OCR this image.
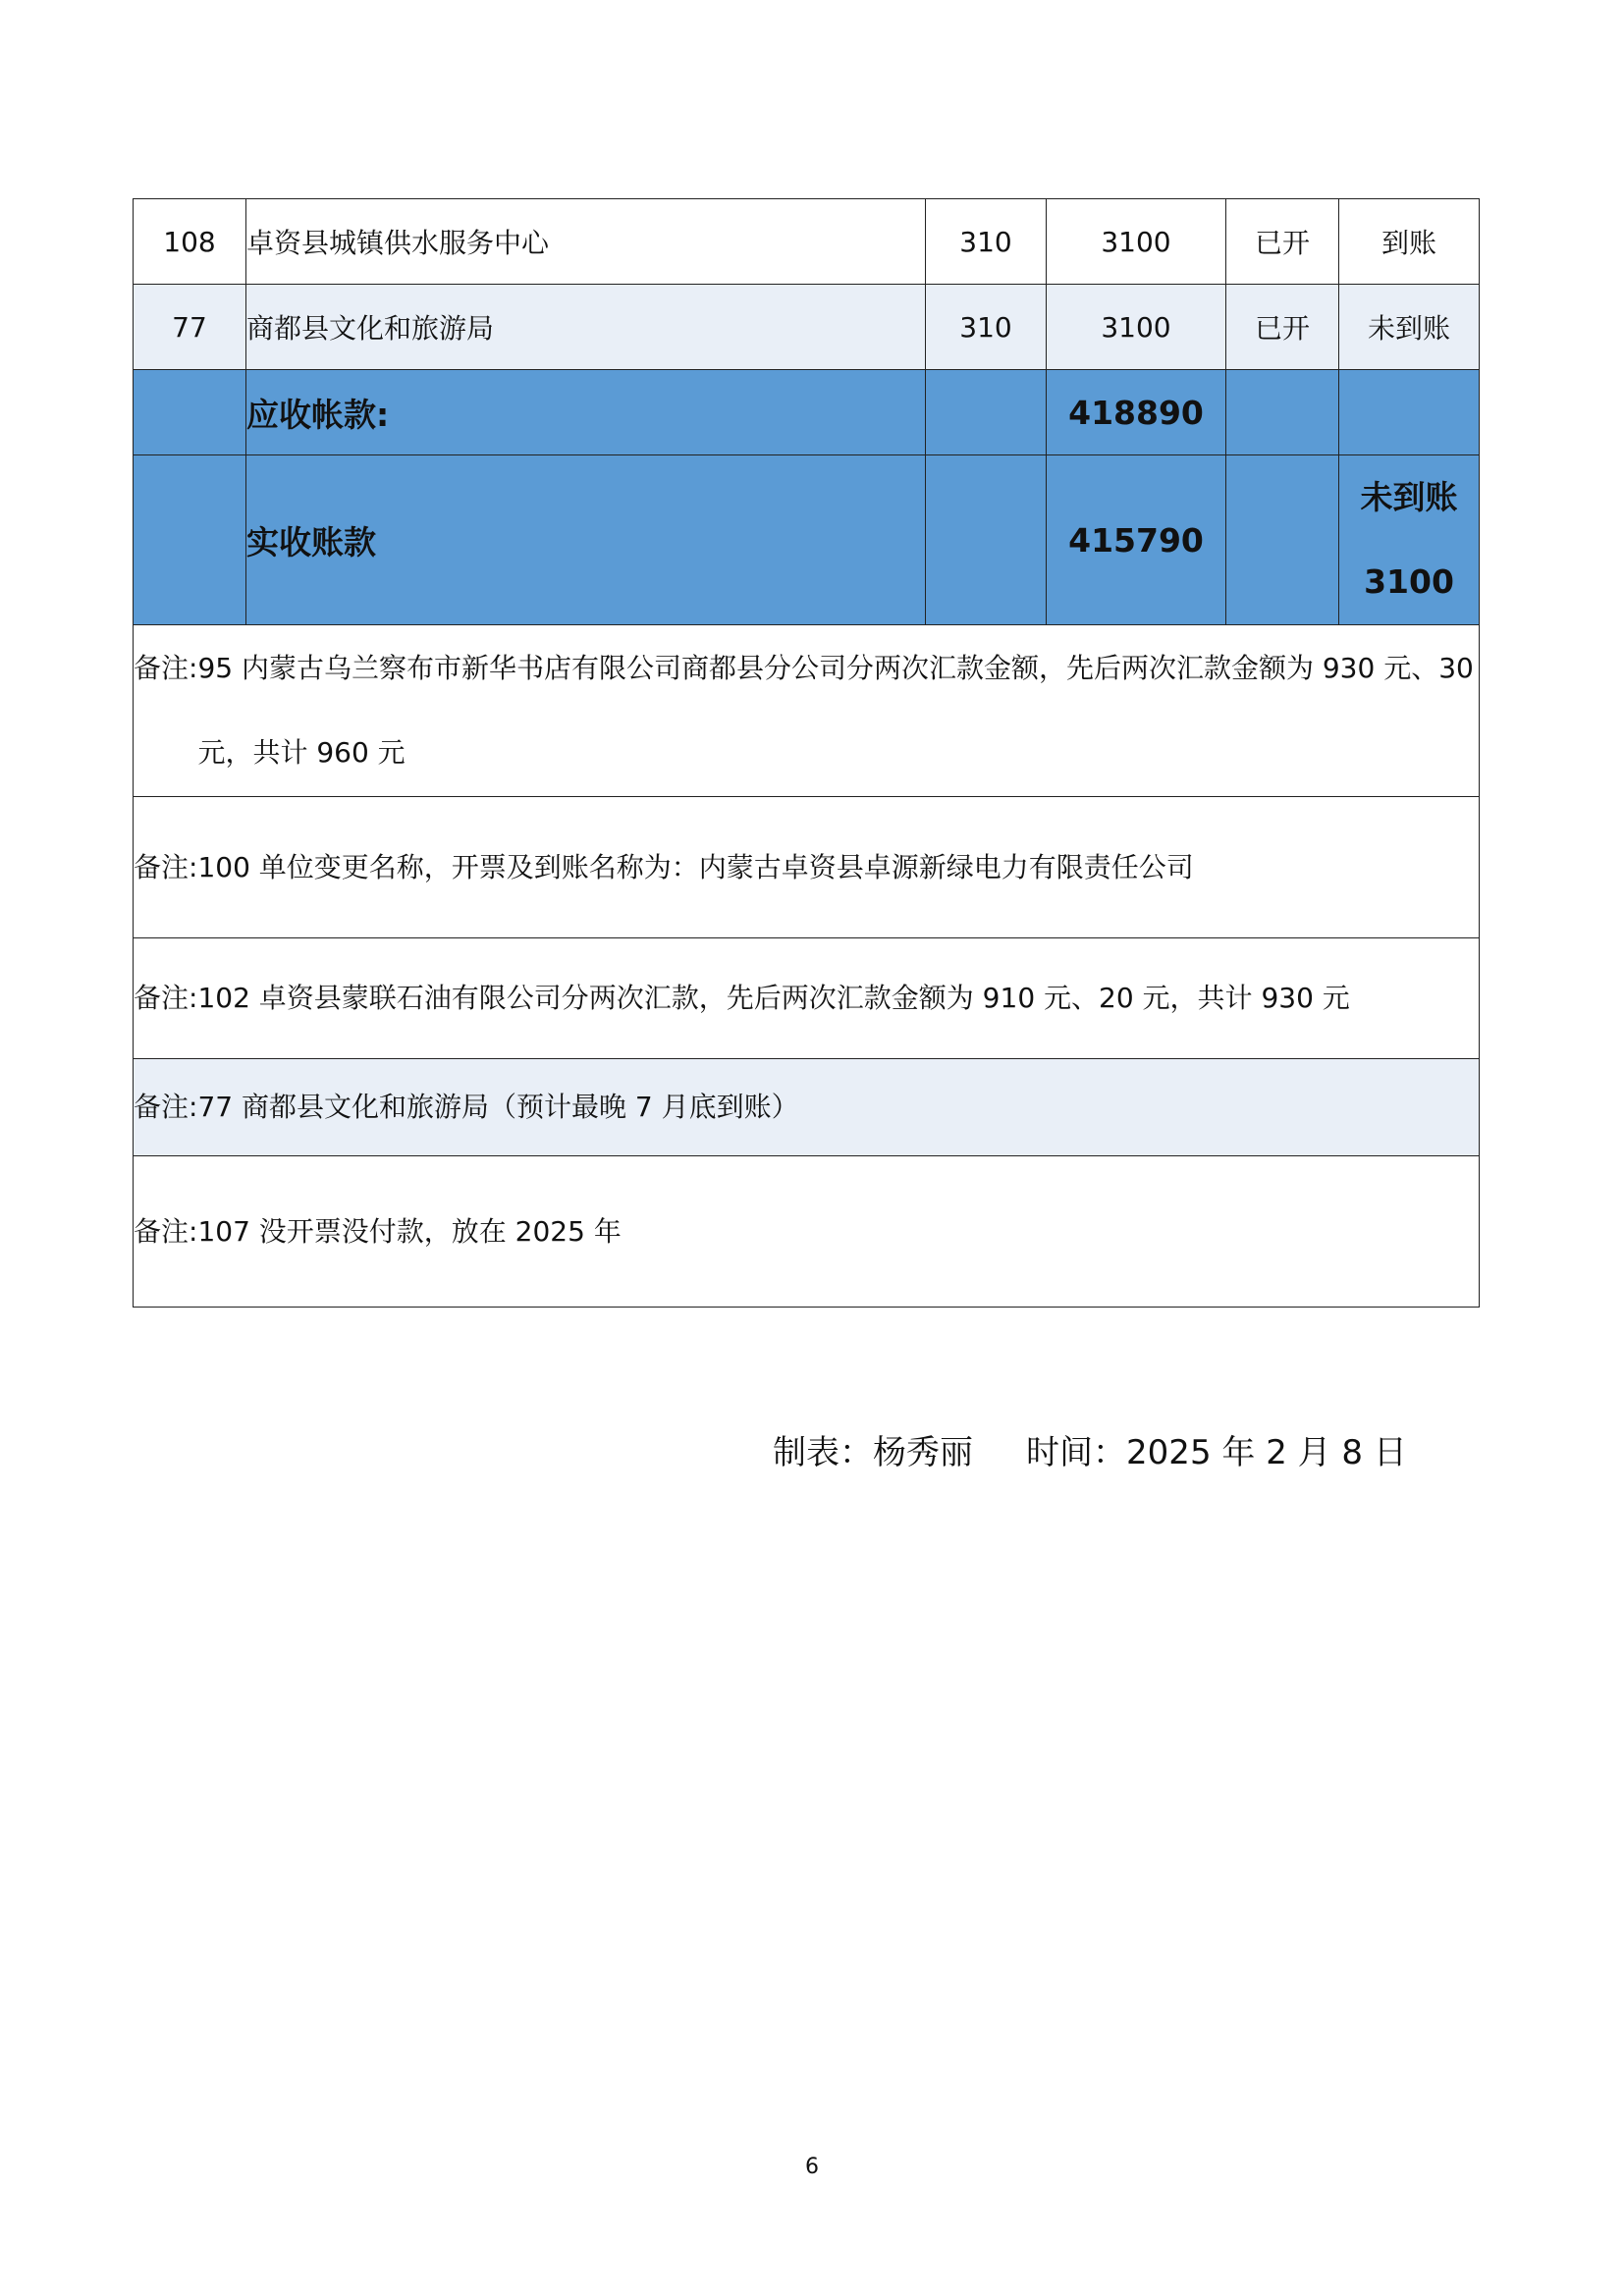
108	卓资县城镇供水服务中心	310	3100	已开	到账
77	商都县文化和旅游局	310	3100	已开	未到账
	应收帐款:		418890		
	实收账款		415790		未到账
3100

备注: 95 内蒙古乌兰察布市新华书店有限公司商都县分公司分两次汇款金额，先后两次汇款金额为 930 元、30 元，共计 960 元					

备注: 100 单位变更名称，开票及到账名称为：内蒙古卓资县卓源新绿电力有限责任公司					

备注: 102 卓资县蒙联石油有限公司分两次汇款，先后两次汇款金额为 910 元、20 元，共计 930 元					

备注: 77 商都县文化和旅游局（预计最晚 7 月底到账）					

备注: 107 没开票没付款，放在 2025 年					
制表：杨秀丽 时间：2025 年 2 月 8 日
6
